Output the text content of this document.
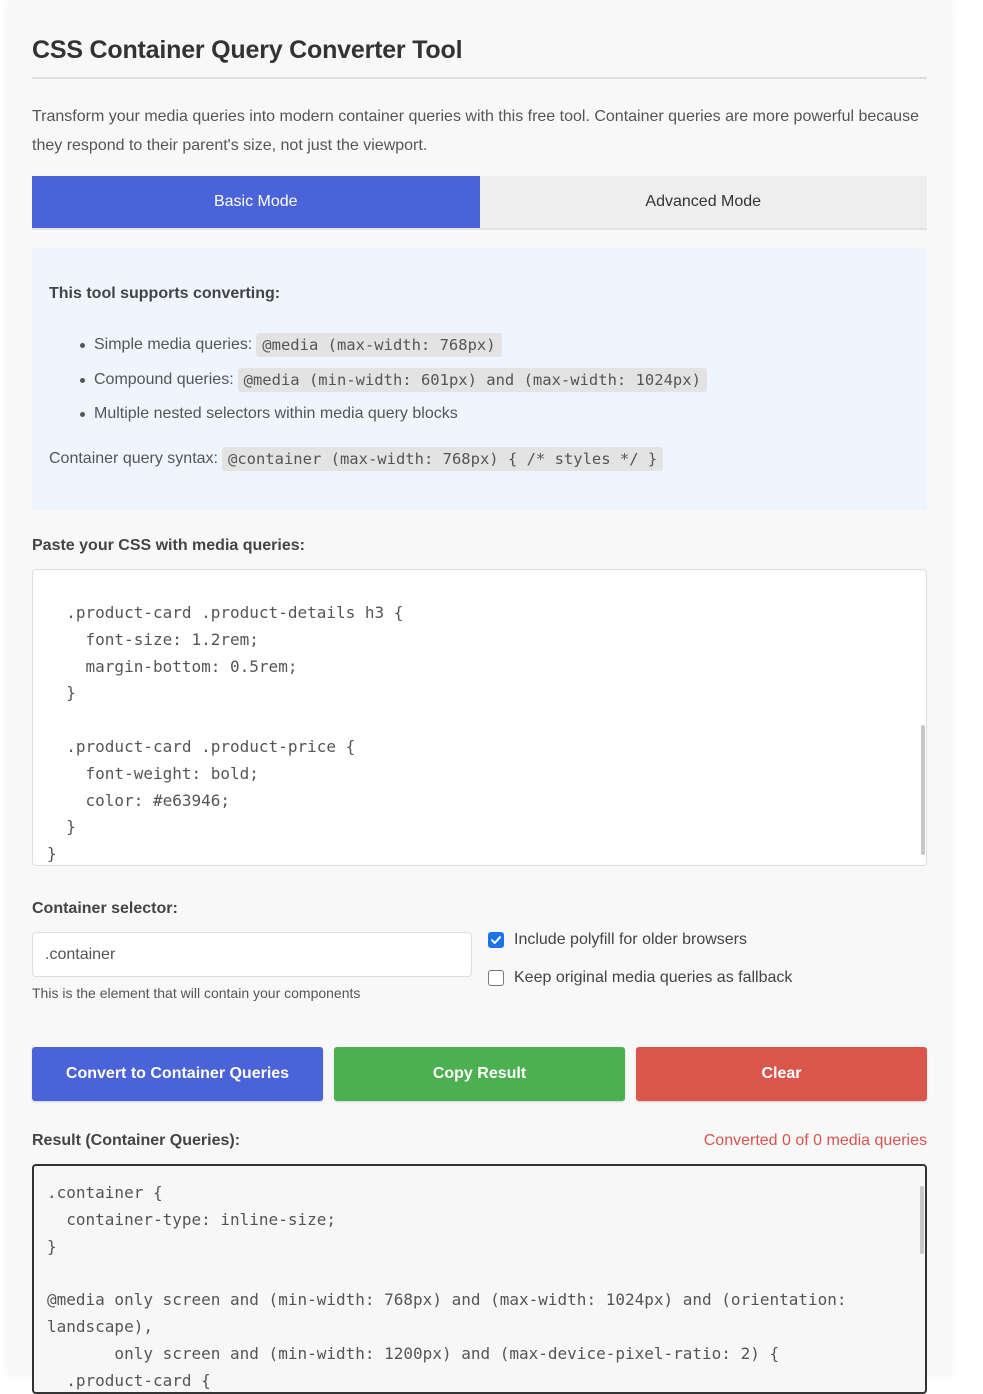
CSS Container Query Converter Tool
Transform your media queries into modern container queries with this free tool. Container queries are more powerful because they respond to their parent's size, not just the viewport.
Basic Mode	Advanced Mode
This tool supports converting:
Simple media queries: @media (max-width: 768px)
Compound queries: @media (min-width: 601px) and (max-width: 1024px)
Multiple nested selectors within media query blocks
Container query syntax: @container (max-width: 768px) { /* styles */ }
Paste your CSS with media queries:
.product-card .product-details h3 {
font-size: 1.2rem;
margin-bottom: 0.5rem;
}

.product-card .product-price {
font-weight: bold;
color: #e63946;
}
}
Container selector:
.container
This is the element that will contain your components
Include polyfill for older browsers
Keep original media queries as fallback
Convert to Container Queries	Copy Result	Clear
Result (Container Queries):	Converted 0 of 0 media queries
.container {
container-type: inline-size;
}

@media only screen and (min-width: 768px) and (max-width: 1024px) and (orientation:
landscape),
only screen and (min-width: 1200px) and (max-device-pixel-ratio: 2) {
.product-card {
